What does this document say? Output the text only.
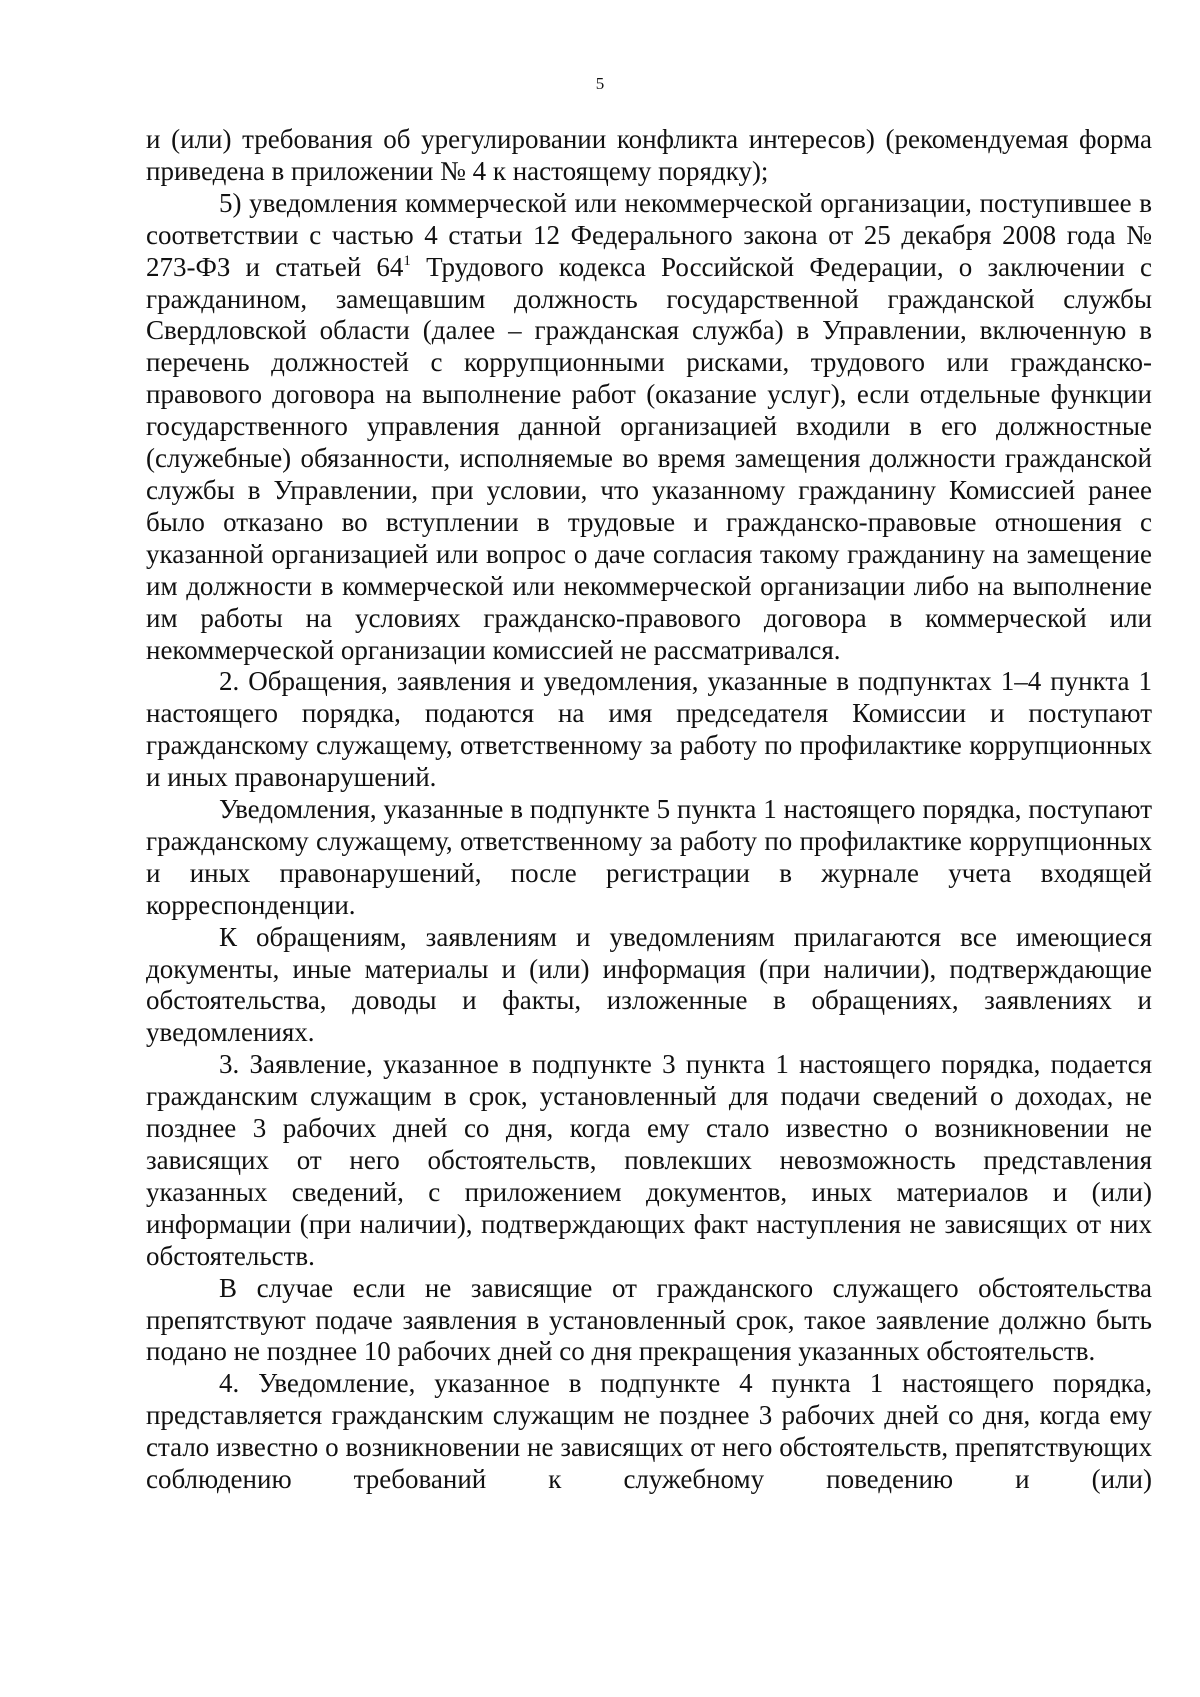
5

и (или) требования об урегулировании конфликта интересов) (рекомендуемая форма приведена в приложении № 4 к настоящему порядку);

5) уведомления коммерческой или некоммерческой организации, поступившее в соответствии с частью 4 статьи 12 Федерального закона от 25 декабря 2008 года № 273-ФЗ и статьей $64^1$ Трудового кодекса Российской Федерации, о заключении с гражданином, замещавшим должность государственной гражданской службы Свердловской области (далее – гражданская служба) в Управлении, включенную в перечень должностей с коррупционными рисками, трудового или гражданско-правового договора на выполнение работ (оказание услуг), если отдельные функции государственного управления данной организацией входили в его должностные (служебные) обязанности, исполняемые во время замещения должности гражданской службы в Управлении, при условии, что указанному гражданину Комиссией ранее было отказано во вступлении в трудовые и гражданско-правовые отношения с указанной организацией или вопрос о даче согласия такому гражданину на замещение им должности в коммерческой или некоммерческой организации либо на выполнение им работы на условиях гражданско-правового договора в коммерческой или некоммерческой организации комиссией не рассматривался.

2. Обращения, заявления и уведомления, указанные в подпунктах 1–4 пункта 1 настоящего порядка, подаются на имя председателя Комиссии и поступают гражданскому служащему, ответственному за работу по профилактике коррупционных и иных правонарушений.

Уведомления, указанные в подпункте 5 пункта 1 настоящего порядка, поступают гражданскому служащему, ответственному за работу по профилактике коррупционных и иных правонарушений, после регистрации в журнале учета входящей корреспонденции.

К обращениям, заявлениям и уведомлениям прилагаются все имеющиеся документы, иные материалы и (или) информация (при наличии), подтверждающие обстоятельства, доводы и факты, изложенные в обращениях, заявлениях и уведомлениях.

3. Заявление, указанное в подпункте 3 пункта 1 настоящего порядка, подается гражданским служащим в срок, установленный для подачи сведений о доходах, не позднее 3 рабочих дней со дня, когда ему стало известно о возникновении не зависящих от него обстоятельств, повлекших невозможность представления указанных сведений, с приложением документов, иных материалов и (или) информации (при наличии), подтверждающих факт наступления не зависящих от них обстоятельств.

В случае если не зависящие от гражданского служащего обстоятельства препятствуют подаче заявления в установленный срок, такое заявление должно быть подано не позднее 10 рабочих дней со дня прекращения указанных обстоятельств.

4. Уведомление, указанное в подпункте 4 пункта 1 настоящего порядка, представляется гражданским служащим не позднее 3 рабочих дней со дня, когда ему стало известно о возникновении не зависящих от него обстоятельств, препятствующих соблюдению требований к служебному поведению и (или)
